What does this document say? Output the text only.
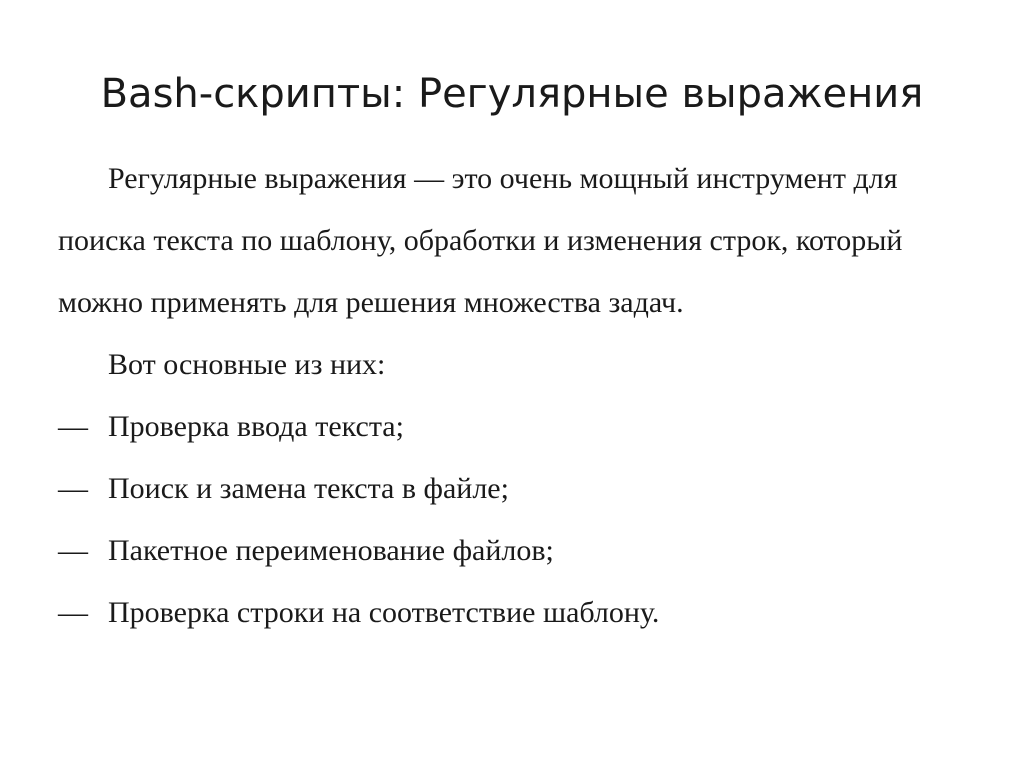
Bash-скрипты: Регулярные выражения

Регулярные выражения — это очень мощный инструмент для поиска текста по шаблону, обработки и изменения строк, который можно применять для решения множества задач.

Вот основные из них:

— Проверка ввода текста;
— Поиск и замена текста в файле;
— Пакетное переименование файлов;
— Проверка строки на соответствие шаблону.
